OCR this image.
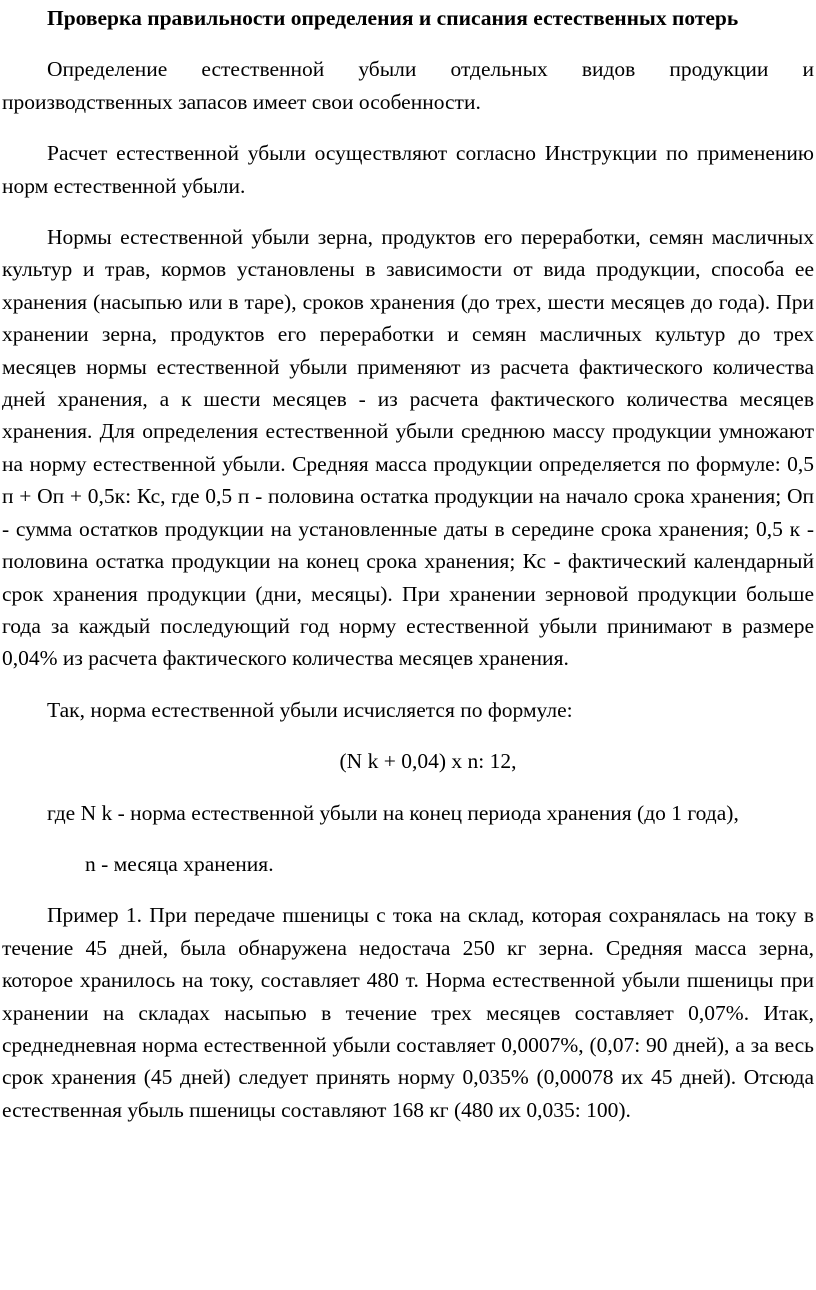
Проверка правильности определения и списания естественных потерь

Определение естественной убыли отдельных видов продукции и производственных запасов имеет свои особенности.

Расчет естественной убыли осуществляют согласно Инструкции по применению норм естественной убыли.

Нормы естественной убыли зерна, продуктов его переработки, семян масличных культур и трав, кормов установлены в зависимости от вида продукции, способа ее хранения (насыпью или в таре), сроков хранения (до трех, шести месяцев до года). При хранении зерна, продуктов его переработки и семян масличных культур до трех месяцев нормы естественной убыли применяют из расчета фактического количества дней хранения, а к шести месяцев - из расчета фактического количества месяцев хранения. Для определения естественной убыли среднюю массу продукции умножают на норму естественной убыли. Средняя масса продукции определяется по формуле: 0,5 п + Оп + 0,5к: Кс, где 0,5 п - половина остатка продукции на начало срока хранения; Оп - сумма остатков продукции на установленные даты в середине срока хранения; 0,5 к - половина остатка продукции на конец срока хранения; Кс - фактический календарный срок хранения продукции (дни, месяцы). При хранении зерновой продукции больше года за каждый последующий год норму естественной убыли принимают в размере 0,04% из расчета фактического количества месяцев хранения.

Так, норма естественной убыли исчисляется по формуле:

(N k + 0,04) х n: 12,

где N k - норма естественной убыли на конец периода хранения (до 1 года),

n - месяца хранения.

Пример 1. При передаче пшеницы с тока на склад, которая сохранялась на току в течение 45 дней, была обнаружена недостача 250 кг зерна. Средняя масса зерна, которое хранилось на току, составляет 480 т. Норма естественной убыли пшеницы при хранении на складах насыпью в течение трех месяцев составляет 0,07%. Итак, среднедневная норма естественной убыли составляет 0,0007%, (0,07: 90 дней), а за весь срок хранения (45 дней) следует принять норму 0,035% (0,00078 их 45 дней). Отсюда естественная убыль пшеницы составляют 168 кг (480 их 0,035: 100).
